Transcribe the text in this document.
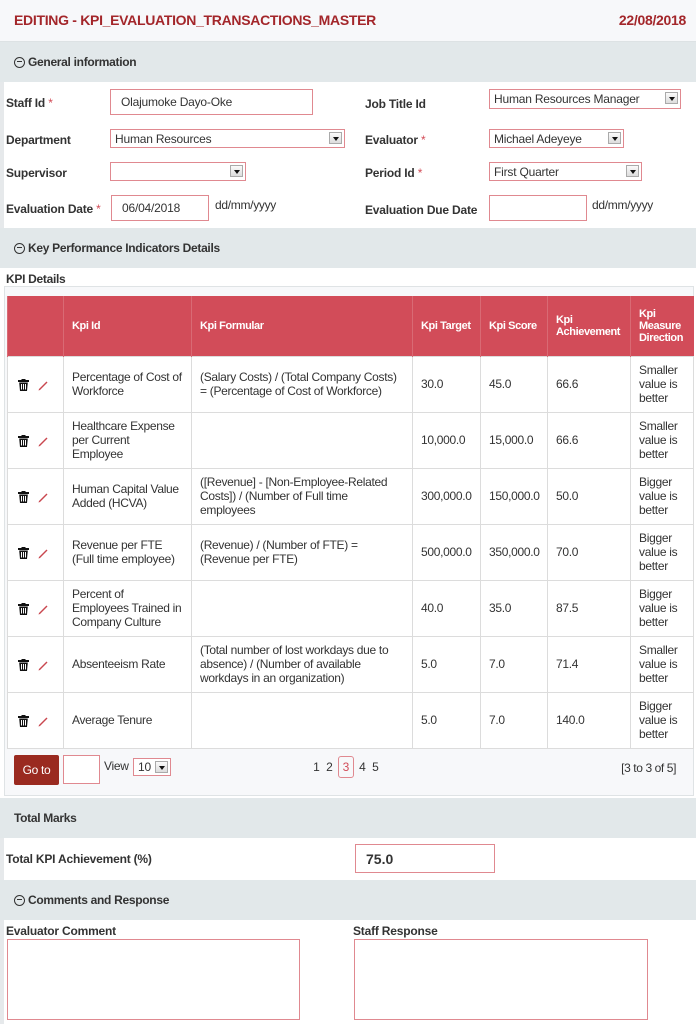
EDITING - KPI_EVALUATION_TRANSACTIONS_MASTER	22/08/2018
General information
Staff Id *	Olajumoke Dayo-Oke
Department	Human Resources
Supervisor
Evaluation Date * 06/04/2018	dd/mm/yyyy
Job Title Id	Human Resources Manager
Evaluator *	Michael Adeyeye
Period Id *	First Quarter
Evaluation Due Date	dd/mm/yyyy
Key Performance Indicators Details
KPI Details
	Kpi Id	Kpi Formular	Kpi Target	Kpi Score	Kpi Achievement	Kpi Measure Direction

	Percentage of Cost of Workforce	(Salary Costs) / (Total Company Costs) = (Percentage of Cost of Workforce)	30.0	45.0	66.6	Smaller value is better

	Healthcare Expense per Current Employee		10,000.0	15,000.0	66.6	Smaller value is better

	Human Capital Value Added (HCVA)	([Revenue] - [Non-Employee-Related Costs]) / (Number of Full time employees	300,000.0	150,000.0	50.0	Bigger value is better

	Revenue per FTE (Full time employee)	(Revenue) / (Number of FTE) = (Revenue per FTE)	500,000.0	350,000.0	70.0	Bigger value is better

	Percent of Employees Trained in Company Culture		40.0	35.0	87.5	Bigger value is better

	Absenteeism Rate	(Total number of lost workdays due to absence) / (Number of available workdays in an organization)	5.0	7.0	71.4	Smaller value is better

	Average Tenure		5.0	7.0	140.0	Bigger value is better
Go to	View 10	1 2 3 4 5	[3 to 3 of 5]
Total Marks
Total KPI Achievement (%)	75.0
Comments and Response
Evaluator Comment	Staff Response
